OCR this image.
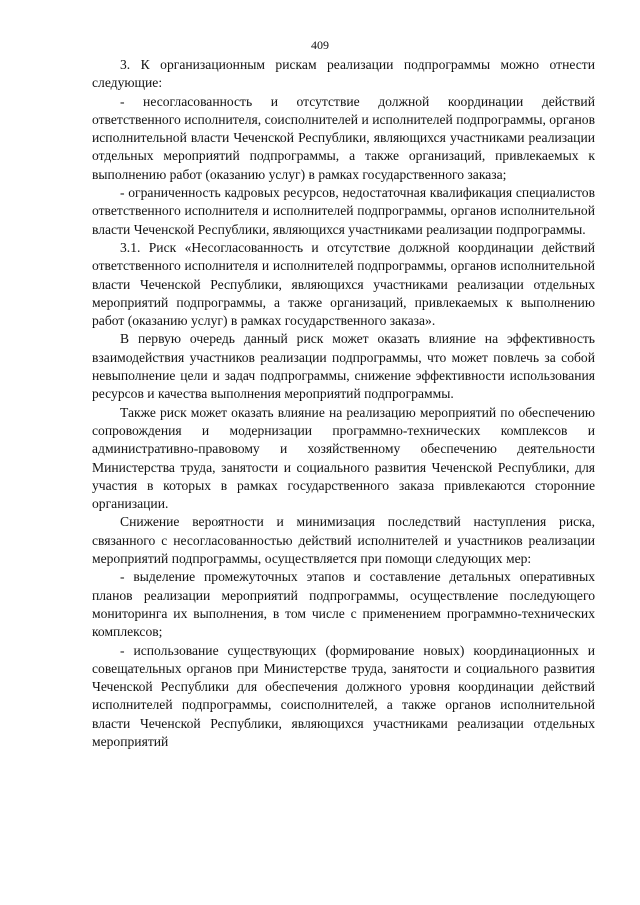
409

3. К организационным рискам реализации подпрограммы можно отнести следующие:

- несогласованность и отсутствие должной координации действий ответственного исполнителя, соисполнителей и исполнителей подпрограммы, органов исполнительной власти Чеченской Республики, являющихся участниками реализации отдельных мероприятий подпрограммы, а также организаций, привлекаемых к выполнению работ (оказанию услуг) в рамках государственного заказа;

- ограниченность кадровых ресурсов, недостаточная квалификация специалистов ответственного исполнителя и исполнителей подпрограммы, органов исполнительной власти Чеченской Республики, являющихся участниками реализации подпрограммы.

3.1. Риск «Несогласованность и отсутствие должной координации действий ответственного исполнителя и исполнителей подпрограммы, органов исполнительной власти Чеченской Республики, являющихся участниками реализации отдельных мероприятий подпрограммы, а также организаций, привлекаемых к выполнению работ (оказанию услуг) в рамках государственного заказа».

В первую очередь данный риск может оказать влияние на эффективность взаимодействия участников реализации подпрограммы, что может повлечь за собой невыполнение цели и задач подпрограммы, снижение эффективности использования ресурсов и качества выполнения мероприятий подпрограммы.

Также риск может оказать влияние на реализацию мероприятий по обеспечению сопровождения и модернизации программно-технических комплексов и административно-правовому и хозяйственному обеспечению деятельности Министерства труда, занятости и социального развития Чеченской Республики, для участия в которых в рамках государственного заказа привлекаются сторонние организации.

Снижение вероятности и минимизация последствий наступления риска, связанного с несогласованностью действий исполнителей и участников реализации мероприятий подпрограммы, осуществляется при помощи следующих мер:

- выделение промежуточных этапов и составление детальных оперативных планов реализации мероприятий подпрограммы, осуществление последующего мониторинга их выполнения, в том числе с применением программно-технических комплексов;

- использование существующих (формирование новых) координационных и совещательных органов при Министерстве труда, занятости и социального развития Чеченской Республики для обеспечения должного уровня координации действий исполнителей подпрограммы, соисполнителей, а также органов исполнительной власти Чеченской Республики, являющихся участниками реализации отдельных мероприятий
